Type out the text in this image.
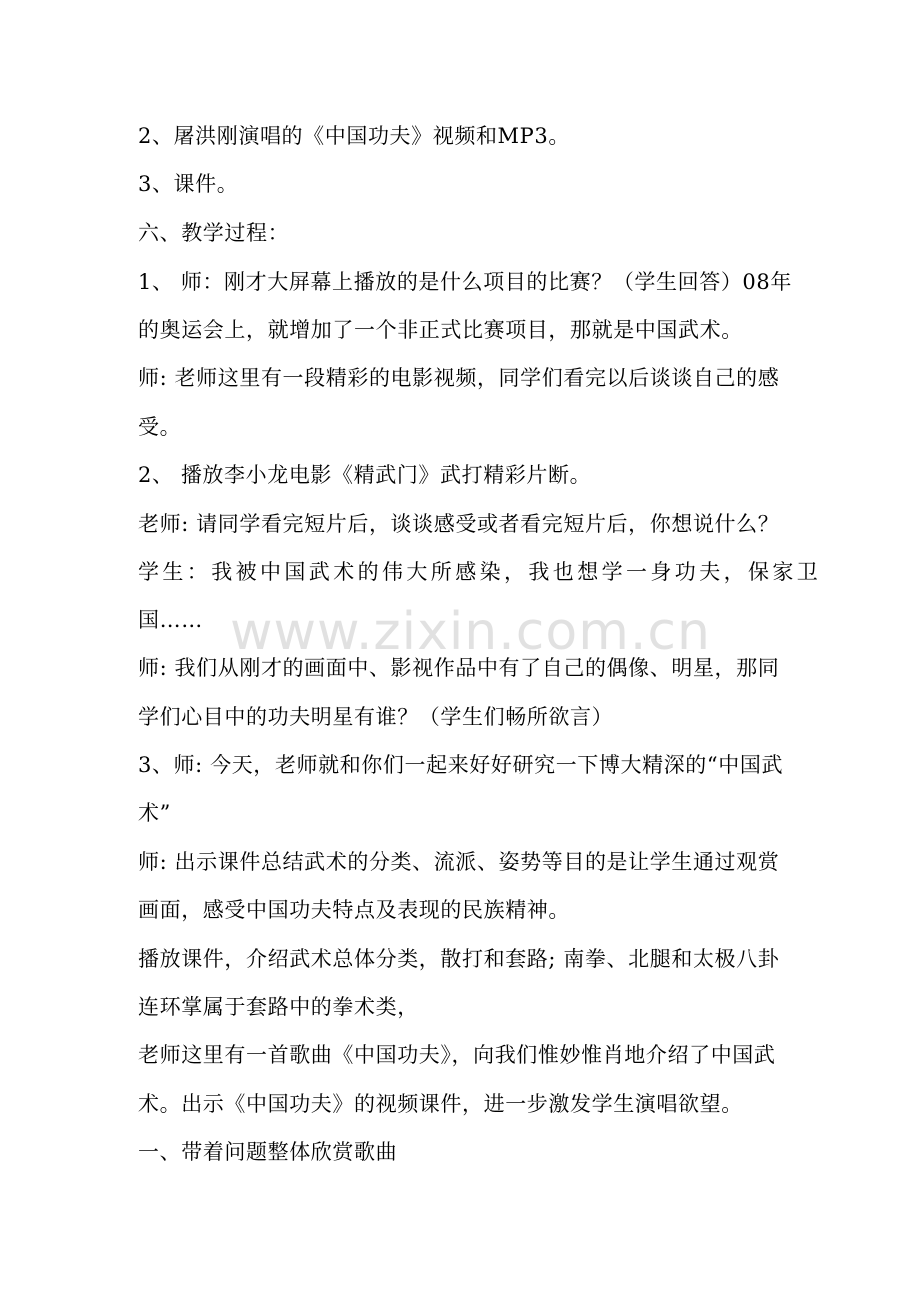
www.zixin.com.cn
2、屠洪刚演唱的《中国功夫》视频和MP3。
3、课件。
六、教学过程：
1、 师：刚才大屏幕上播放的是什么项目的比赛？（学生回答）08年
的奥运会上，就增加了一个非正式比赛项目，那就是中国武术。
师: 老师这里有一段精彩的电影视频，同学们看完以后谈谈自己的感
受。
2、 播放李小龙电影《精武门》武打精彩片断。
老师: 请同学看完短片后，谈谈感受或者看完短片后，你想说什么？
学生：我被中国武术的伟大所感染，我也想学一身功夫，保家卫
国……
师: 我们从刚才的画面中、影视作品中有了自己的偶像、明星，那同
学们心目中的功夫明星有谁？（学生们畅所欲言）
3、师: 今天，老师就和你们一起来好好研究一下博大精深的“中国武
术”
师: 出示课件总结武术的分类、流派、姿势等目的是让学生通过观赏
画面，感受中国功夫特点及表现的民族精神。
播放课件，介绍武术总体分类，散打和套路; 南拳、北腿和太极八卦
连环掌属于套路中的拳术类，
老师这里有一首歌曲《中国功夫》，向我们惟妙惟肖地介绍了中国武
术。出示《中国功夫》的视频课件，进一步激发学生演唱欲望。
一、带着问题整体欣赏歌曲
